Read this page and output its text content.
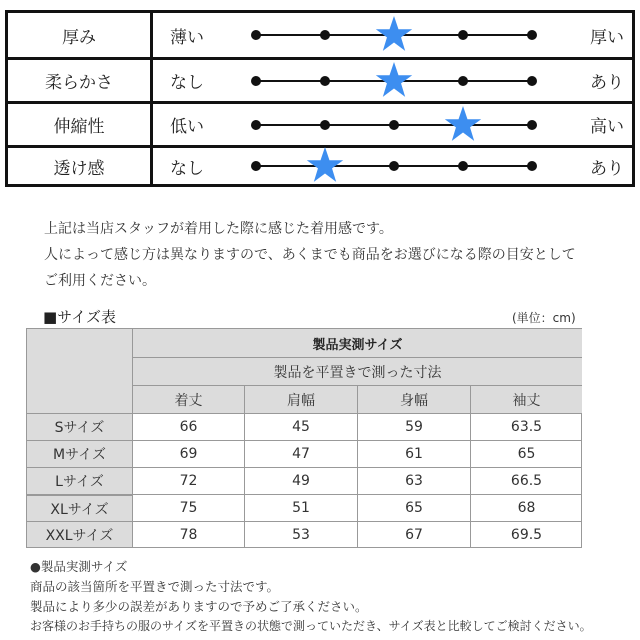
厚み	薄い	厚い
柔らかさ	なし	あり
伸縮性	低い	高い
透け感	なし	あり
上記は当店スタッフが着用した際に感じた着用感です。
人によって感じ方は異なりますので、あくまでも商品をお選びになる際の目安として
ご利用ください。
■サイズ表	(単位：cm)
製品実測サイズ
製品を平置きで測った寸法
着丈	肩幅	身幅	袖丈
Sサイズ	66	45	59	63.5
Mサイズ	69	47	61	65
Lサイズ	72	49	63	66.5
XLサイズ	75	51	65	68
XXLサイズ	78	53	67	69.5
●製品実測サイズ
商品の該当箇所を平置きで測った寸法です。
製品により多少の誤差がありますので予めご了承ください。
お客様のお手持ちの服のサイズを平置きの状態で測っていただき、サイズ表と比較してご検討ください。
